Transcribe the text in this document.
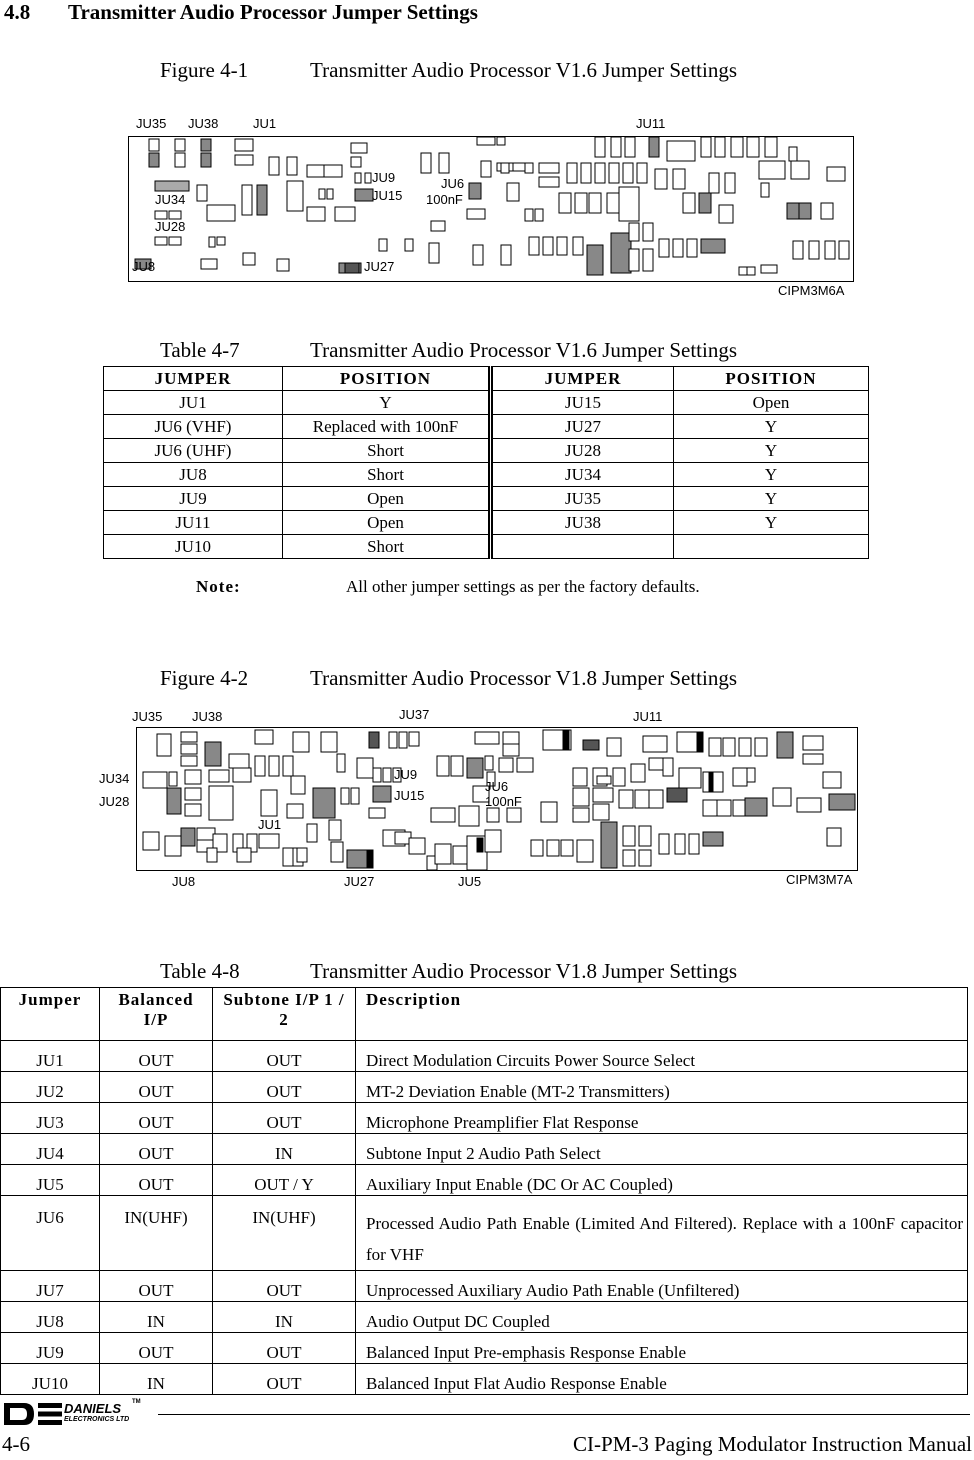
4.8 Transmitter Audio Processor Jumper Settings
Figure 4-1	Transmitter Audio Processor V1.6 Jumper Settings
JU35 JU38	JU1	JU11
JU9
JU15
JU6
100nF
JU34
JU28
JU8	JU27
CIPM3M6A
Table 4-7	Transmitter Audio Processor V1.6 Jumper Settings
JUMPER	POSITION	JUMPER	POSITION
JU1	Y	JU15	Open
JU6 (VHF)	Replaced with 100nF	JU27	Y
JU6 (UHF)	Short	JU28	Y
JU8	Short	JU34	Y
JU9	Open	JU35	Y
JU11	Open	JU38	Y
JU10	Short		
Note:	All other jumper settings as per the factory defaults.
Figure 4-2	Transmitter Audio Processor V1.8 Jumper Settings
JU35 JU38	JU37	JU11
JU34
JU28
JU9
JU15
JU6
100nF
JU1
JU8	JU27	JU5	CIPM3M7A
Table 4-8	Transmitter Audio Processor V1.8 Jumper Settings
Jumper	Balanced I/P	Subtone I/P 1 / 2	Description
JU1	OUT	OUT	Direct Modulation Circuits Power Source Select
JU2	OUT	OUT	MT-2 Deviation Enable (MT-2 Transmitters)
JU3	OUT	OUT	Microphone Preamplifier Flat Response
JU4	OUT	IN	Subtone Input 2 Audio Path Select
JU5	OUT	OUT / Y	Auxiliary Input Enable (DC Or AC Coupled)
JU6	IN(UHF)	IN(UHF)	Processed Audio Path Enable (Limited And Filtered). Replace with a 100nF capacitor for VHF
JU7	OUT	OUT	Unprocessed Auxiliary Audio Path Enable (Unfiltered)
JU8	IN	IN	Audio Output DC Coupled
JU9	OUT	OUT	Balanced Input Pre-emphasis Response Enable
JU10	IN	OUT	Balanced Input Flat Audio Response Enable
DANIELS TM
ELECTRONICS LTD
4-6	CI-PM-3 Paging Modulator Instruction Manual
